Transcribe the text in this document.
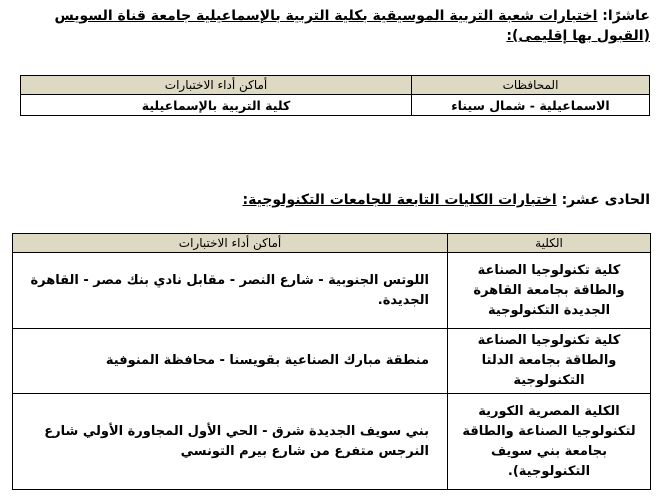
عاشرًا: اختبارات شعبة التربية الموسيقية بكلية التربية بالإسماعيلية جامعة قناة السويس (القبول بها إقليمى):
المحافظات	أماكن أداء الاختبارات
الاسماعيلية - شمال سيناء	كلية التربية بالإسماعيلية
الحادى عشر: اختبارات الكليات التابعة للجامعات التكنولوجية:
الكلية	أماكن أداء الاختبارات
كلية تكنولوجيا الصناعة والطاقة بجامعة القاهرة الجديدة التكنولوجية	اللوتس الجنوبية - شارع النصر - مقابل نادي بنك مصر - القاهرة الجديدة.
كلية تكنولوجيا الصناعة والطاقة بجامعة الدلتا التكنولوجية	منطقة مبارك الصناعية بقويسنا - محافظة المنوفية
الكلية المصرية الكورية لتكنولوجيا الصناعة والطاقة بجامعة بني سويف التكنولوجية).	بني سويف الجديدة شرق - الحي الأول المجاورة الأولي شارع النرجس متفرع من شارع بيرم التونسي
